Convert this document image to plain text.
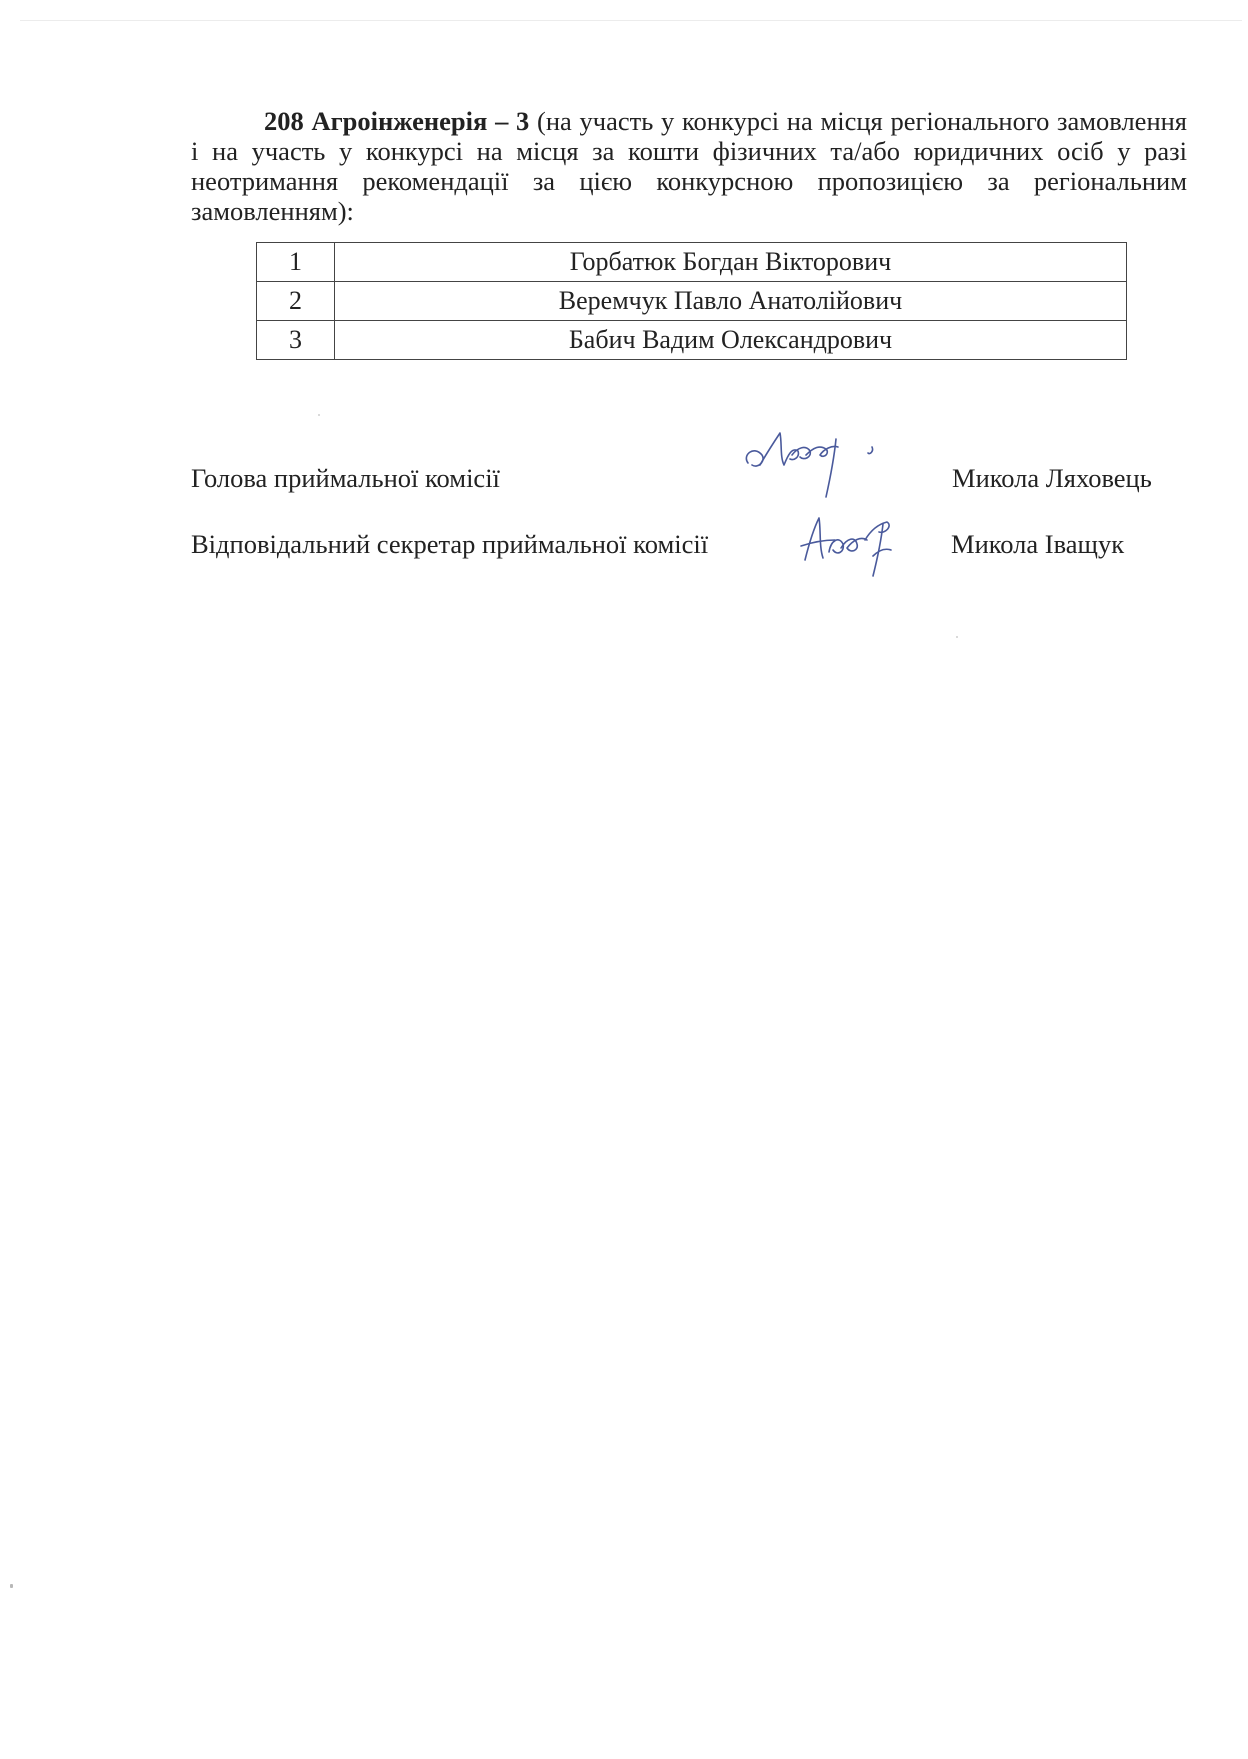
208 Агроінженерія – 3 (на участь у конкурсі на місця регіонального замовлення і на участь у конкурсі на місця за кошти фізичних та/або юридичних осіб у разі неотримання рекомендації за цією конкурсною пропозицією за регіональним замовленням):

1	Горбатюк Богдан Вікторович
2	Веремчук Павло Анатолійович
3	Бабич Вадим Олександрович
Голова приймальної комісії	Микола Ляховець
Відповідальний секретар приймальної комісії	Микола Іващук
